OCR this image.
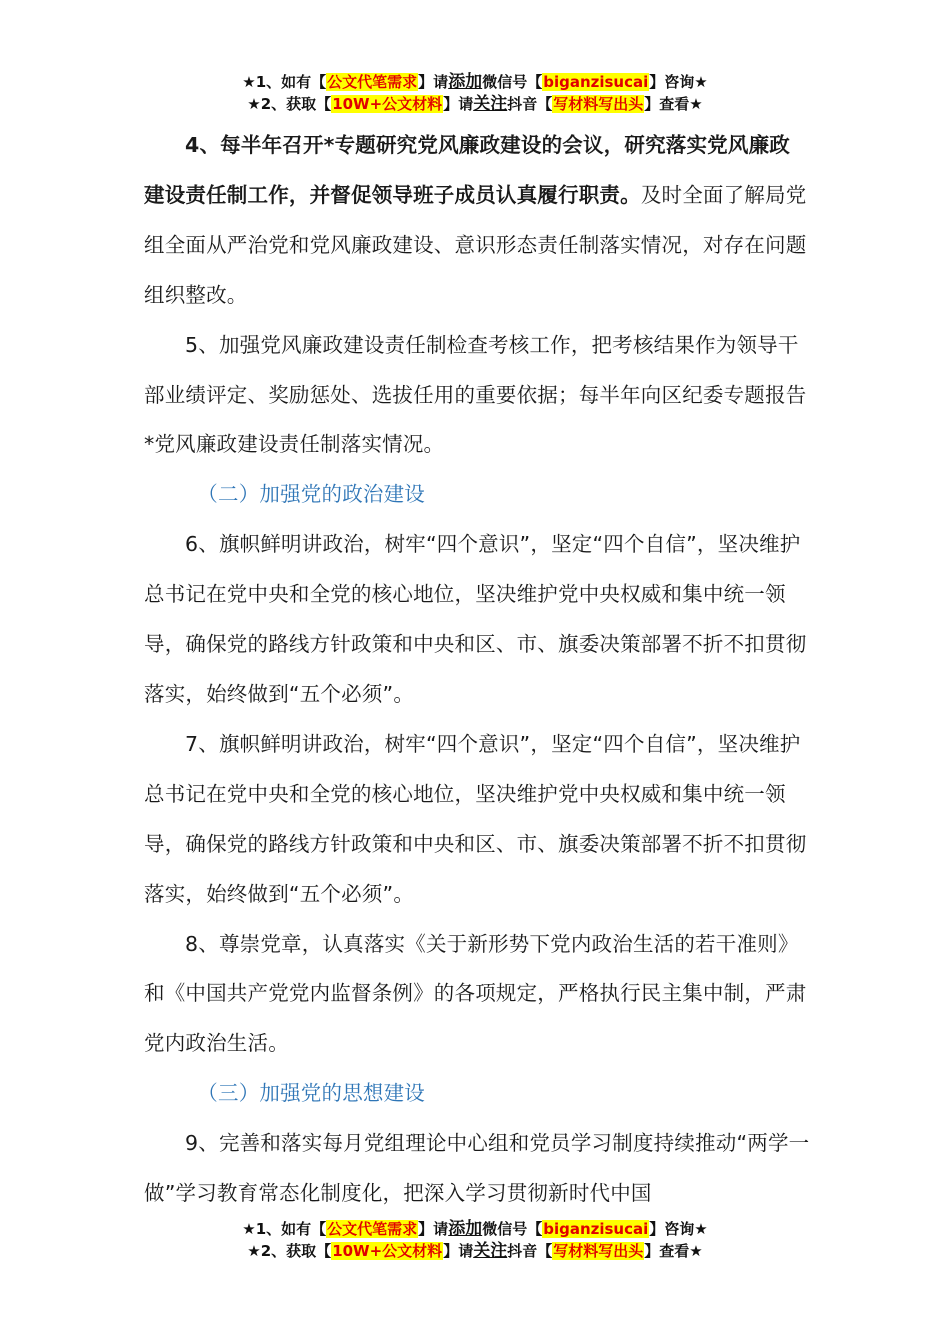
★1、如有【公文代笔需求】请添加微信号【biganzisucai】咨询★
★2、获取【10W+公文材料】请关注抖音【写材料写出头】查看★

4、每半年召开*专题研究党风廉政建设的会议，研究落实党风廉政建设责任制工作，并督促领导班子成员认真履行职责。及时全面了解局党组全面从严治党和党风廉政建设、意识形态责任制落实情况，对存在问题组织整改。

5、加强党风廉政建设责任制检查考核工作，把考核结果作为领导干部业绩评定、奖励惩处、选拔任用的重要依据；每半年向区纪委专题报告*党风廉政建设责任制落实情况。

（二）加强党的政治建设

6、旗帜鲜明讲政治，树牢“四个意识”，坚定“四个自信”，坚决维护总书记在党中央和全党的核心地位，坚决维护党中央权威和集中统一领导，确保党的路线方针政策和中央和区、市、旗委决策部署不折不扣贯彻落实，始终做到“五个必须”。

7、旗帜鲜明讲政治，树牢“四个意识”，坚定“四个自信”，坚决维护总书记在党中央和全党的核心地位，坚决维护党中央权威和集中统一领导，确保党的路线方针政策和中央和区、市、旗委决策部署不折不扣贯彻落实，始终做到“五个必须”。

8、尊崇党章，认真落实《关于新形势下党内政治生活的若干准则》和《中国共产党党内监督条例》的各项规定，严格执行民主集中制，严肃党内政治生活。

（三）加强党的思想建设

9、完善和落实每月党组理论中心组和党员学习制度持续推动“两学一做”学习教育常态化制度化，把深入学习贯彻新时代中国

★1、如有【公文代笔需求】请添加微信号【biganzisucai】咨询★
★2、获取【10W+公文材料】请关注抖音【写材料写出头】查看★
